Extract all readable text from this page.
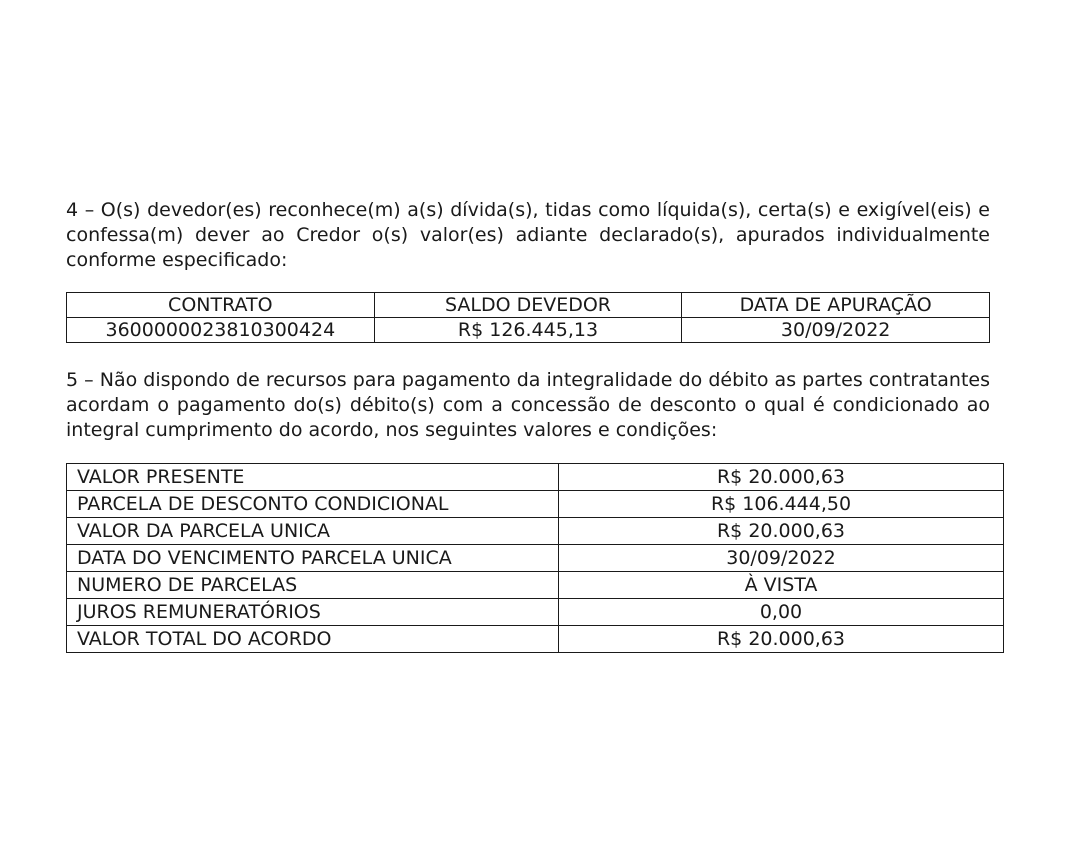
4 – O(s) devedor(es) reconhece(m) a(s) dívida(s), tidas como líquida(s), certa(s) e exigível(eis) e confessa(m) dever ao Credor o(s) valor(es) adiante declarado(s), apurados individualmente conforme especificado:

CONTRATO	SALDO DEVEDOR	DATA DE APURAÇÃO
3600000023810300424	R$ 126.445,13	30/09/2022

5 – Não dispondo de recursos para pagamento da integralidade do débito as partes contratantes acordam o pagamento do(s) débito(s) com a concessão de desconto o qual é condicionado ao integral cumprimento do acordo, nos seguintes valores e condições:

VALOR PRESENTE	R$ 20.000,63
PARCELA DE DESCONTO CONDICIONAL	R$ 106.444,50
VALOR DA PARCELA UNICA	R$ 20.000,63
DATA DO VENCIMENTO PARCELA UNICA	30/09/2022
NUMERO DE PARCELAS	À VISTA
JUROS REMUNERATÓRIOS	0,00
VALOR TOTAL DO ACORDO	R$ 20.000,63
